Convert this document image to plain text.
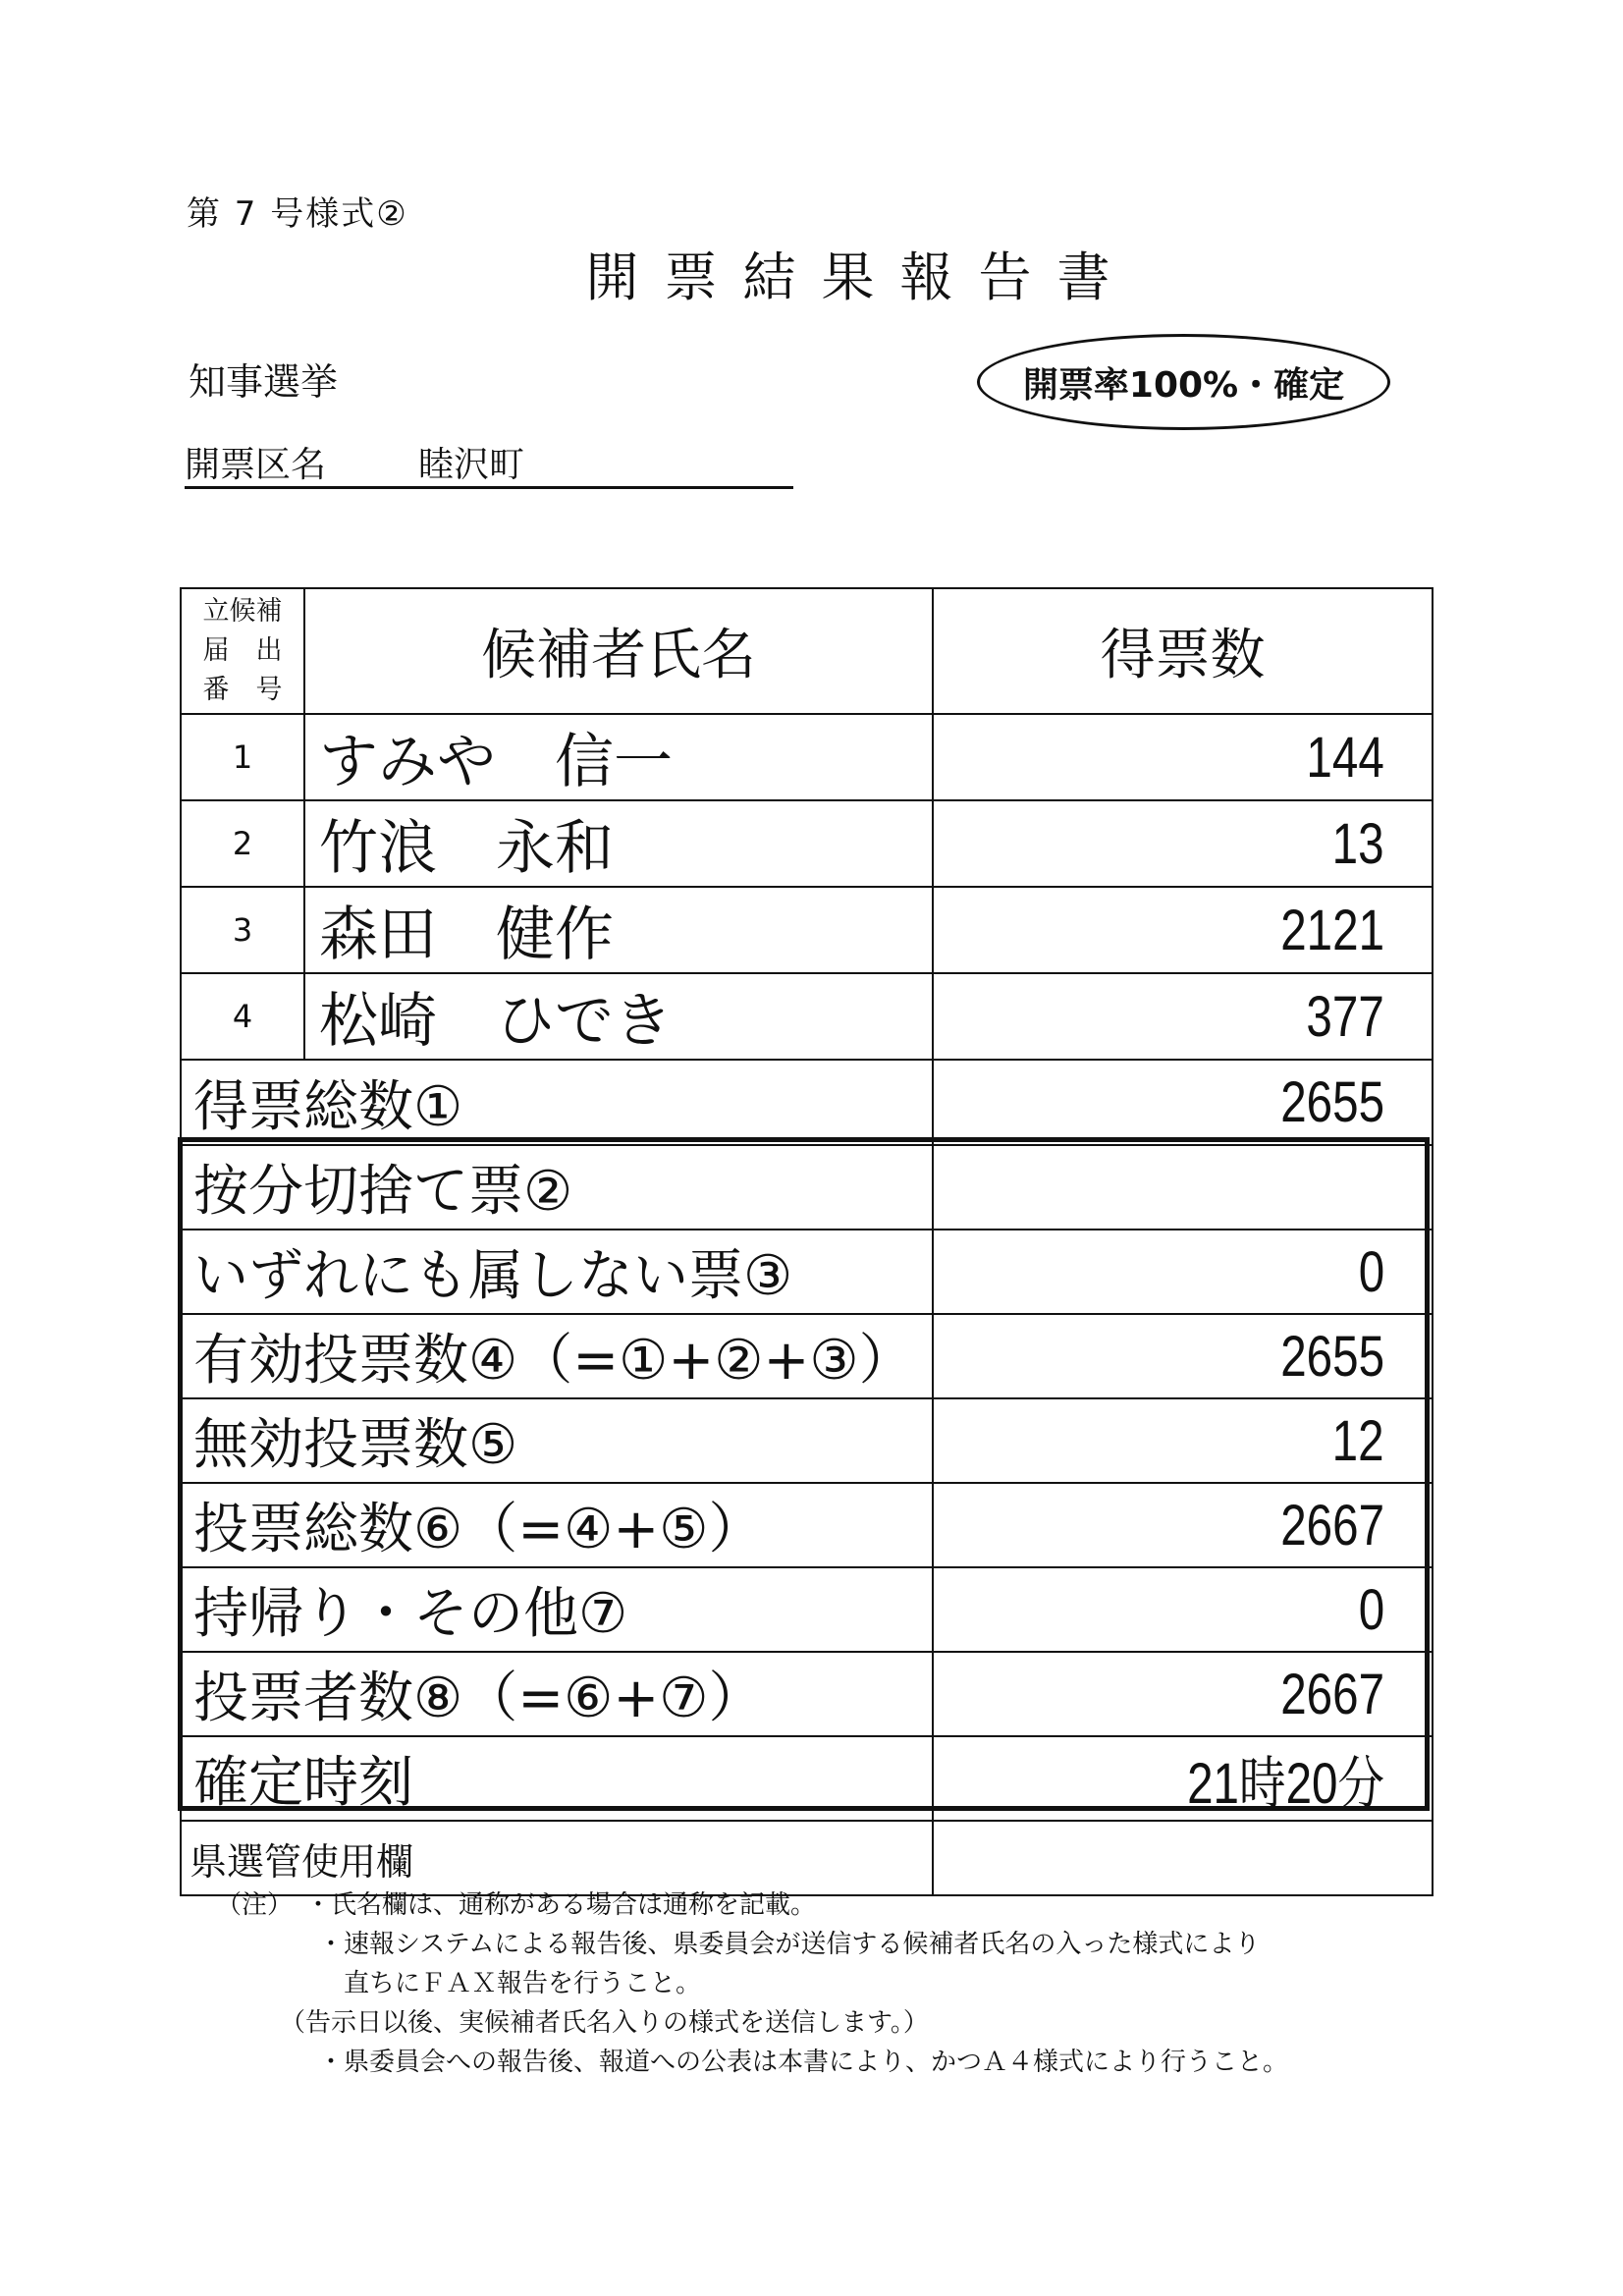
第 7 号様式②
開票結果報告書
知事選挙	開票率100%・確定
開票区名	睦沢町
立候補
届　出
番　号	候補者氏名	得票数
1	すみや　信一	144
2	竹浪　永和	13
3	森田　健作	2121
4	松崎　ひでき	377
得票総数①		2655
按分切捨て票②		
いずれにも属しない票③		0
有効投票数④（=①+②+③）		2655
無効投票数⑤		12
投票総数⑥（=④+⑤）		2667
持帰り・その他⑦		0
投票者数⑧（=⑥+⑦）		2667
確定時刻		21時20分
県選管使用欄		
（注）　・氏名欄は、通称がある場合は通称を記載。
　　　　・速報システムによる報告後、県委員会が送信する候補者氏名の入った様式により
　　　　　直ちにＦＡＸ報告を行うこと。
　　　（告示日以後、実候補者氏名入りの様式を送信します。）
　　　　・県委員会への報告後、報道への公表は本書により、かつＡ４様式により行うこと。
